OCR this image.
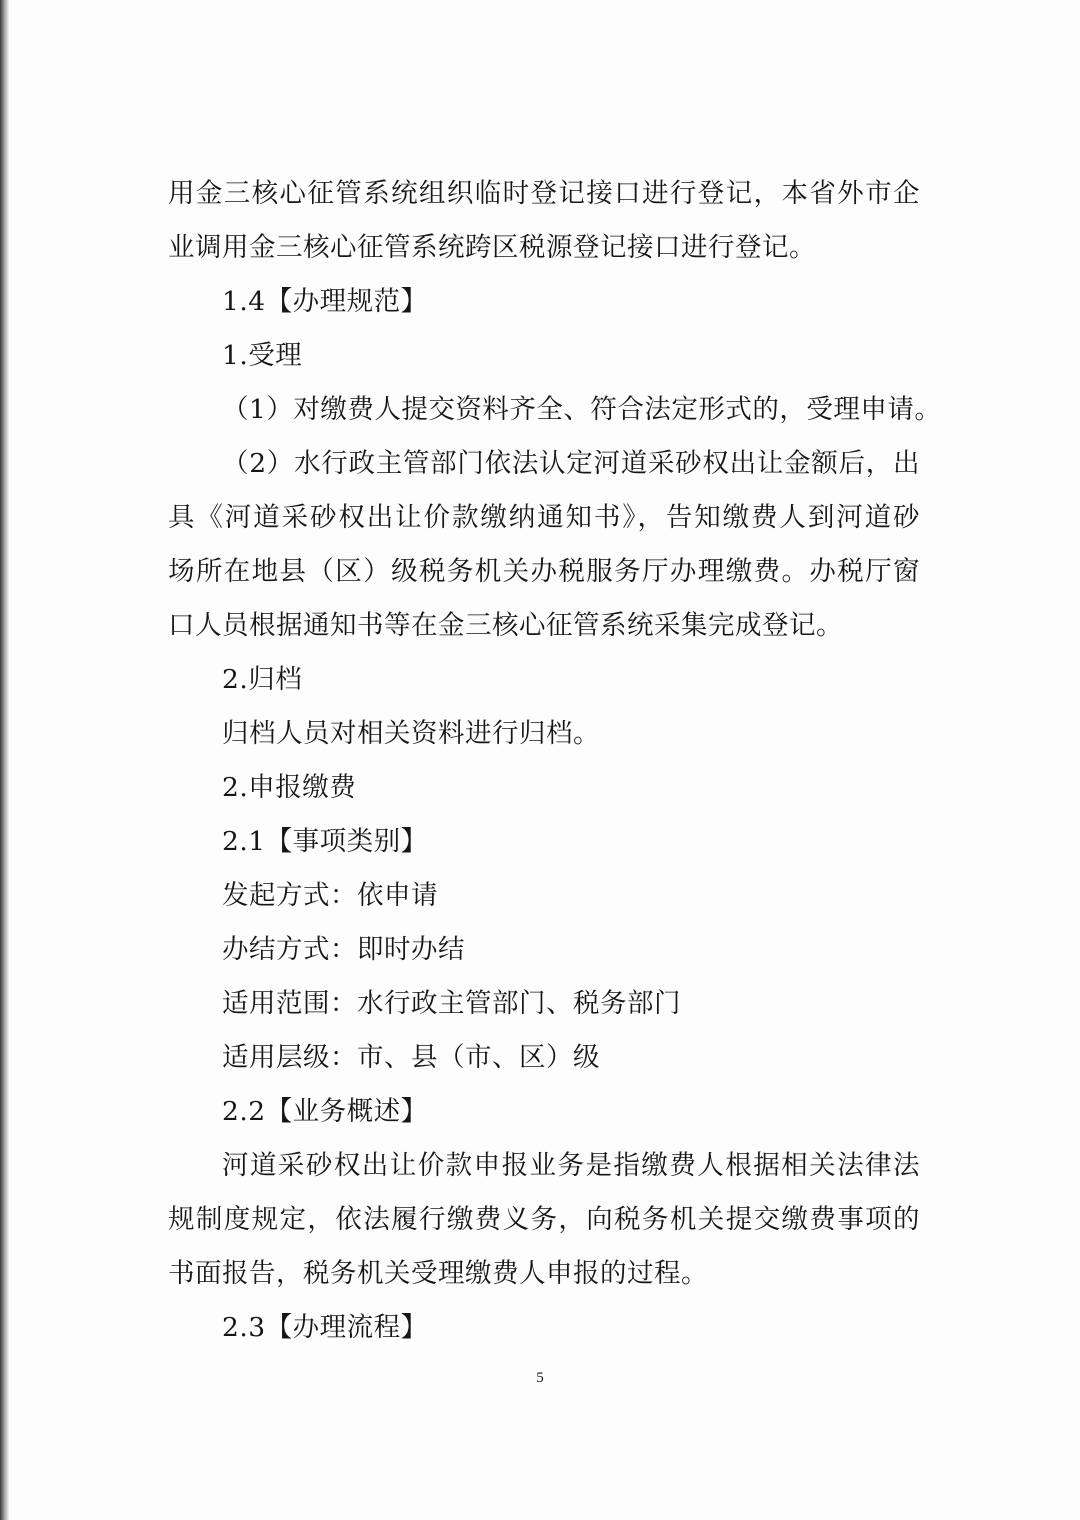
用金三核心征管系统组织临时登记接口进行登记，本省外市企
业调用金三核心征管系统跨区税源登记接口进行登记。
1.4【办理规范】
1.受理
（1）对缴费人提交资料齐全、符合法定形式的，受理申请。
（2）水行政主管部门依法认定河道采砂权出让金额后，出
具《河道采砂权出让价款缴纳通知书》，告知缴费人到河道砂
场所在地县（区）级税务机关办税服务厅办理缴费。办税厅窗
口人员根据通知书等在金三核心征管系统采集完成登记。
2.归档
归档人员对相关资料进行归档。
2.申报缴费
2.1【事项类别】
发起方式：依申请
办结方式：即时办结
适用范围：水行政主管部门、税务部门
适用层级：市、县（市、区）级
2.2【业务概述】
河道采砂权出让价款申报业务是指缴费人根据相关法律法
规制度规定，依法履行缴费义务，向税务机关提交缴费事项的
书面报告，税务机关受理缴费人申报的过程。
2.3【办理流程】
5
